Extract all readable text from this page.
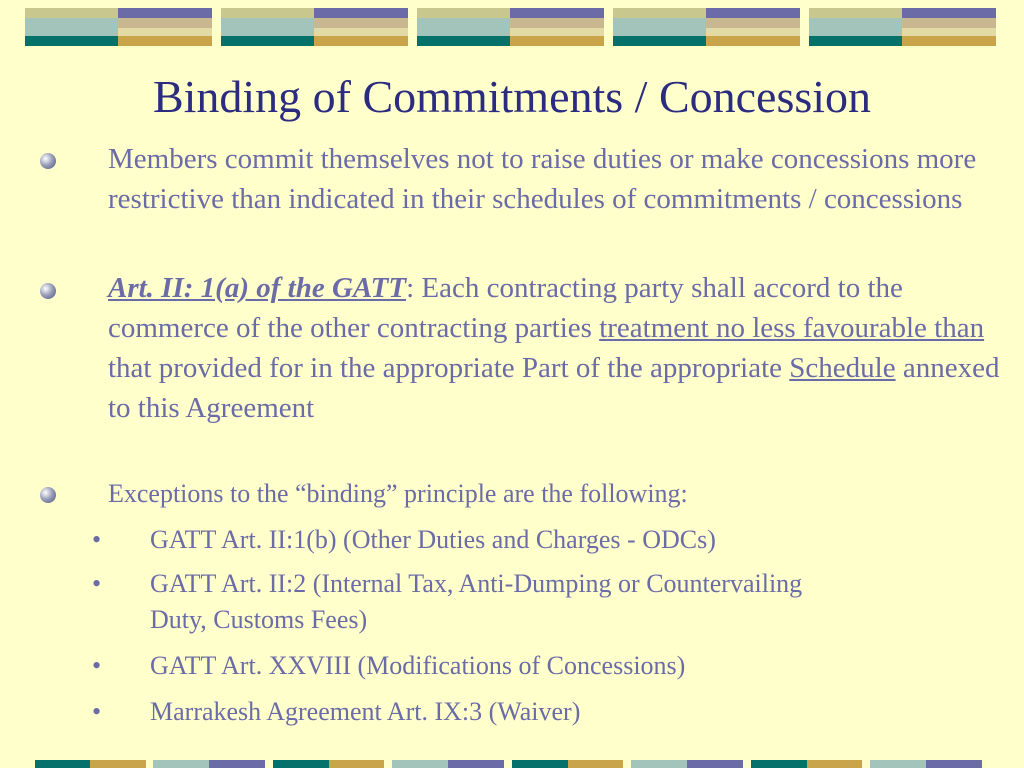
Binding of Commitments / Concession
Members commit themselves not to raise duties or make concessions more restrictive than indicated in their schedules of commitments / concessions
Art. II: 1(a) of the GATT: Each contracting party shall accord to the commerce of the other contracting parties treatment no less favourable than that provided for in the appropriate Part of the appropriate Schedule annexed to this Agreement
Exceptions to the “binding” principle are the following:
• GATT Art. II:1(b) (Other Duties and Charges - ODCs)
• GATT Art. II:2 (Internal Tax, Anti-Dumping or Countervailing Duty, Customs Fees)
• GATT Art. XXVIII (Modifications of Concessions)
• Marrakesh Agreement Art. IX:3 (Waiver)
